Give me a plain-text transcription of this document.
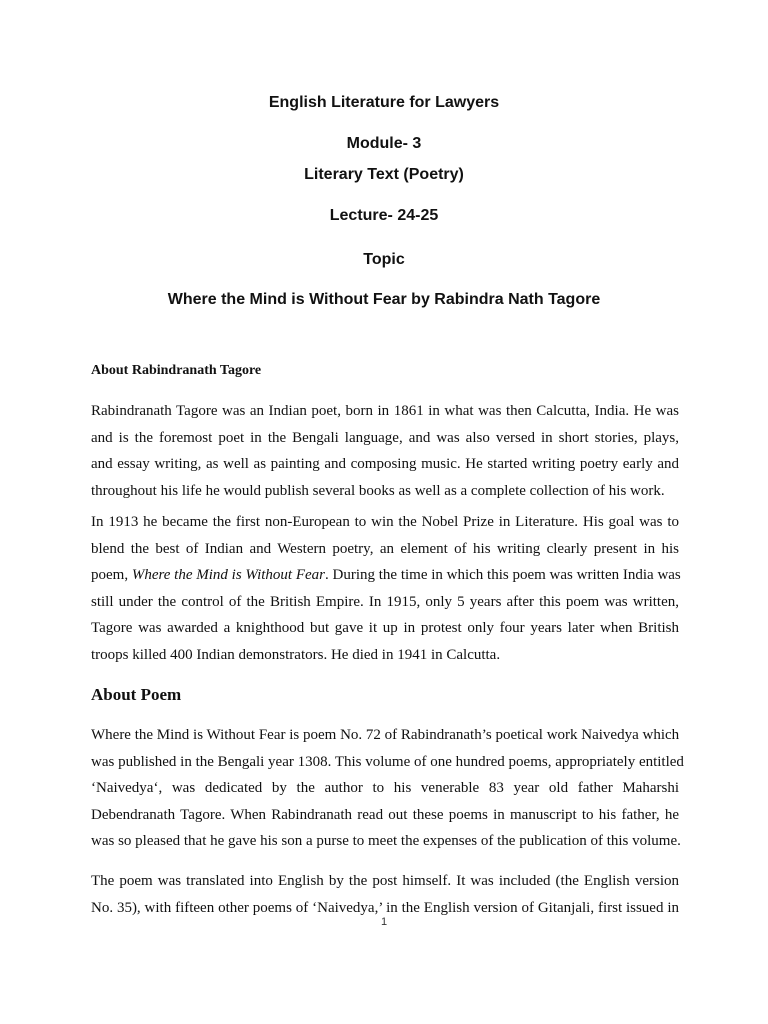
English Literature for Lawyers
Module- 3
Literary Text (Poetry)
Lecture- 24-25
Topic
Where the Mind is Without Fear by Rabindra Nath Tagore
About Rabindranath Tagore
Rabindranath Tagore was an Indian poet, born in 1861 in what was then Calcutta, India. He was
and is the foremost poet in the Bengali language, and was also versed in short stories, plays,
and essay writing, as well as painting and composing music. He started writing poetry early and
throughout his life he would publish several books as well as a complete collection of his work.
In 1913 he became the first non-European to win the Nobel Prize in Literature. His goal was to
blend the best of Indian and Western poetry, an element of his writing clearly present in his
poem, Where the Mind is Without Fear. During the time in which this poem was written India was
still under the control of the British Empire. In 1915, only 5 years after this poem was written,
Tagore was awarded a knighthood but gave it up in protest only four years later when British
troops killed 400 Indian demonstrators. He died in 1941 in Calcutta.
About Poem
Where the Mind is Without Fear is poem No. 72 of Rabindranath’s poetical work Naivedya which
was published in the Bengali year 1308. This volume of one hundred poems, appropriately entitled
‘Naivedya‘, was dedicated by the author to his venerable 83 year old father Maharshi
Debendranath Tagore. When Rabindranath read out these poems in manuscript to his father, he
was so pleased that he gave his son a purse to meet the expenses of the publication of this volume.
The poem was translated into English by the post himself. It was included (the English version
No. 35), with fifteen other poems of ‘Naivedya,’ in the English version of Gitanjali, first issued in
1
